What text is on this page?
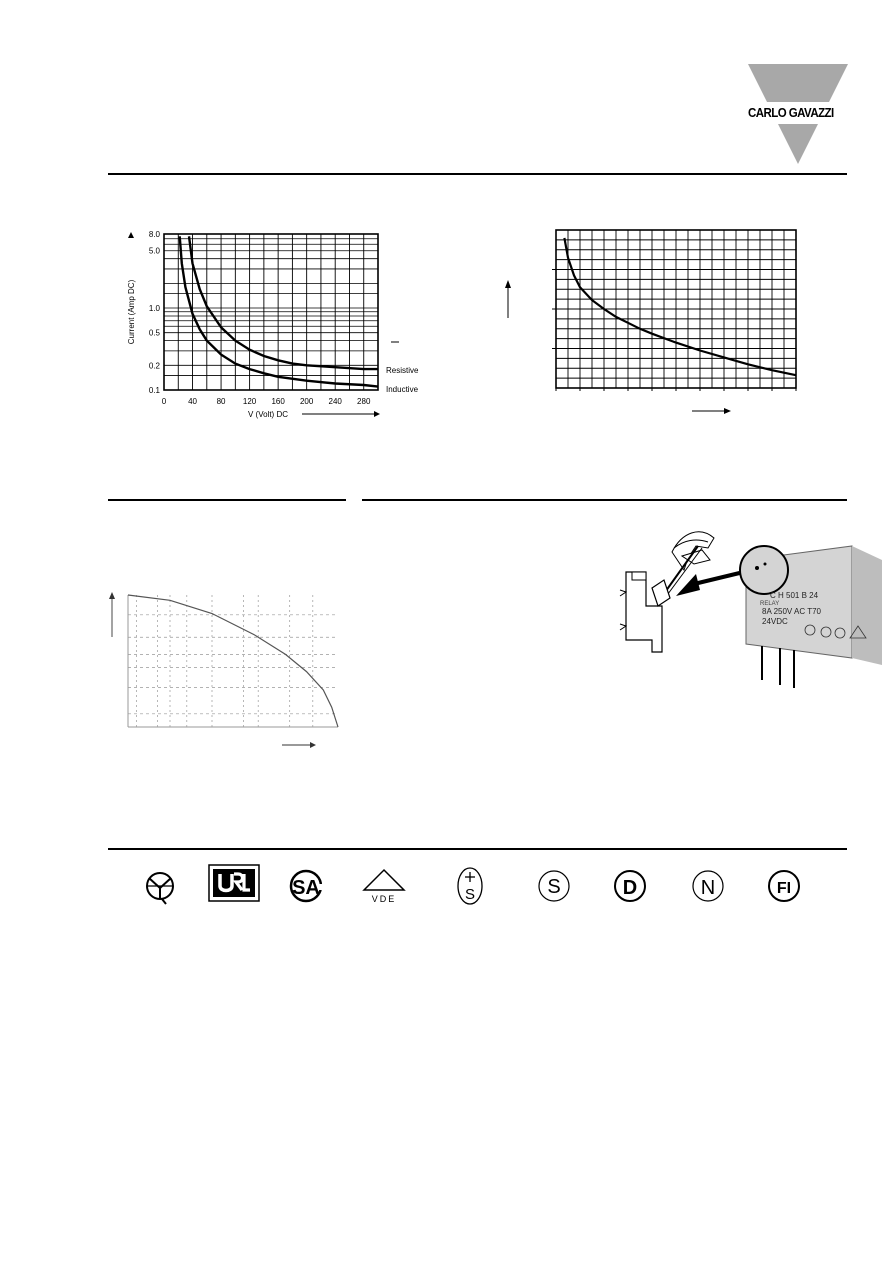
CARLO GAVAZZI
0	40 80 120 160 200 240 280
8.0
5.0
1.0
0.5
0.2
0.1
Current (Amp DC)
V (Volt) DC
Resistive
Inductive
RELAY
C H 501 B 24
8A 250V AC T70
24VDC
SA	VDE	S	S	D	N	FI
